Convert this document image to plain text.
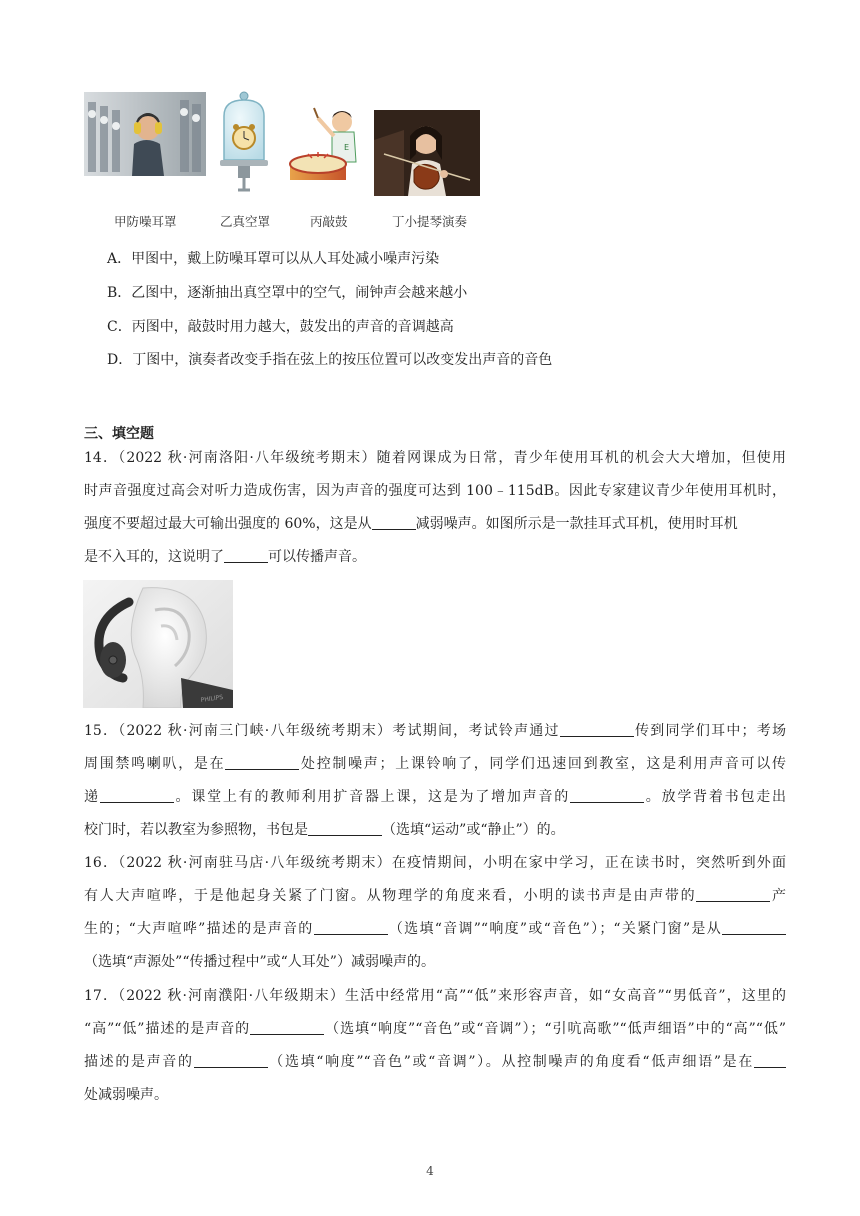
甲防噪耳罩	乙真空罩
E
丙敲鼓	丁小提琴演奏
A．甲图中，戴上防噪耳罩可以从人耳处减小噪声污染
B．乙图中，逐渐抽出真空罩中的空气，闹钟声会越来越小
C．丙图中，敲鼓时用力越大，鼓发出的声音的音调越高
D．丁图中，演奏者改变手指在弦上的按压位置可以改变发出声音的音色
三、填空题
14．（2022 秋·河南洛阳·八年级统考期末）随着网课成为日常，青少年使用耳机的机会大大增加，但使用
时声音强度过高会对听力造成伤害，因为声音的强度可达到 100﹣115dB。因此专家建议青少年使用耳机时，
强度不要超过最大可输出强度的 60%，这是从	减弱噪声。如图所示是一款挂耳式耳机，使用时耳机
是不入耳的，这说明了	可以传播声音。
PHILIPS
15．（2022 秋·河南三门峡·八年级统考期末）考试期间，考试铃声通过	传到同学们耳中；考场
周围禁鸣喇叭，是在	处控制噪声；上课铃响了，同学们迅速回到教室，这是利用声音可以传
递	。课堂上有的教师利用扩音器上课，这是为了增加声音的	。放学背着书包走出
校门时，若以教室为参照物，书包是	（选填“运动”或“静止”）的。
16．（2022 秋·河南驻马店·八年级统考期末）在疫情期间，小明在家中学习，正在读书时，突然听到外面
有人大声喧哗，于是他起身关紧了门窗。从物理学的角度来看，小明的读书声是由声带的	产
生的；“大声喧哗”描述的是声音的	（选填“音调”“响度”或“音色”）；“关紧门窗”是从
（选填“声源处”“传播过程中”或“人耳处”）减弱噪声的。
17．（2022 秋·河南濮阳·八年级期末）生活中经常用“高”“低”来形容声音，如“女高音”“男低音”，这里的
“高”“低”描述的是声音的	（选填“响度”“音色”或“音调”）；“引吭高歌”“低声细语”中的“高”“低”
描述的是声音的	（选填“响度”“音色”或“音调”）。从控制噪声的角度看“低声细语”是在
处减弱噪声。
4
